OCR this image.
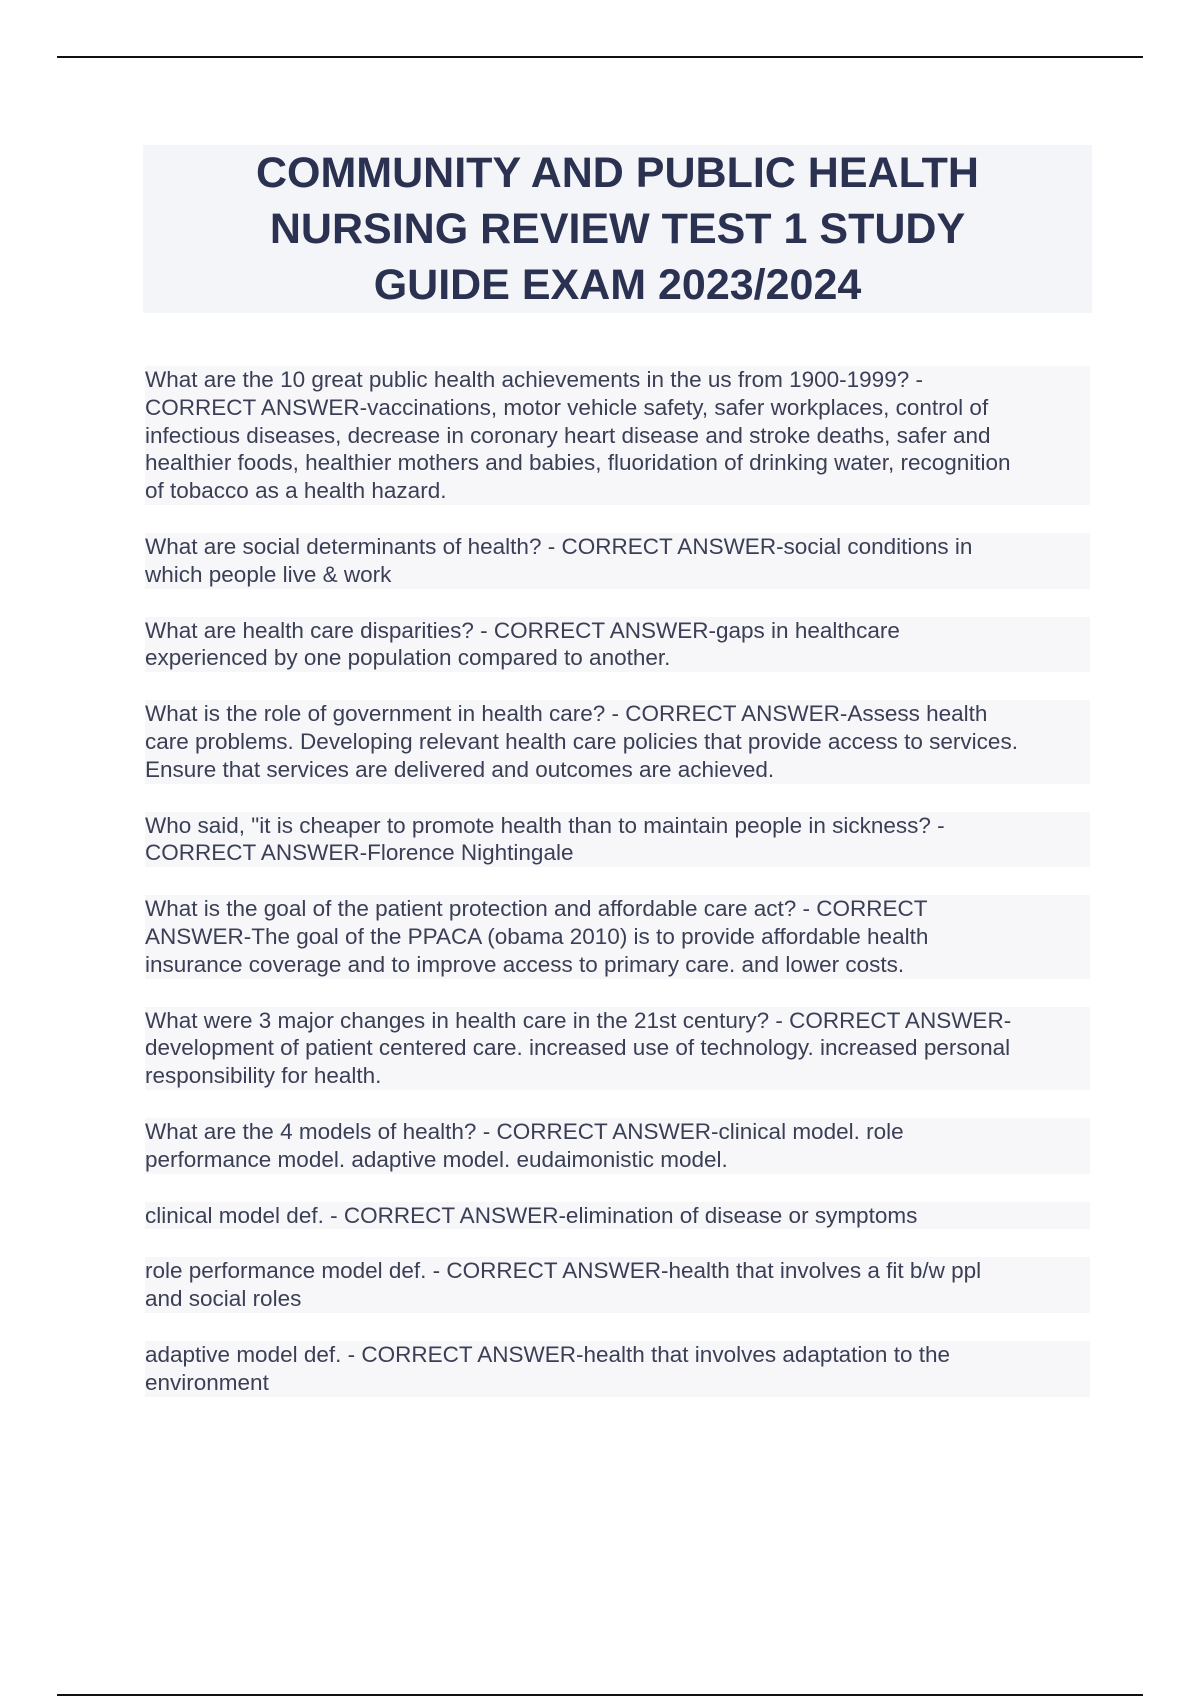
COMMUNITY AND PUBLIC HEALTH
NURSING REVIEW TEST 1 STUDY
GUIDE EXAM 2023/2024
What are the 10 great public health achievements in the us from 1900-1999? -
CORRECT ANSWER-vaccinations, motor vehicle safety, safer workplaces, control of
infectious diseases, decrease in coronary heart disease and stroke deaths, safer and
healthier foods, healthier mothers and babies, fluoridation of drinking water, recognition
of tobacco as a health hazard.
What are social determinants of health? - CORRECT ANSWER-social conditions in
which people live & work
What are health care disparities? - CORRECT ANSWER-gaps in healthcare
experienced by one population compared to another.
What is the role of government in health care? - CORRECT ANSWER-Assess health
care problems. Developing relevant health care policies that provide access to services.
Ensure that services are delivered and outcomes are achieved.
Who said, "it is cheaper to promote health than to maintain people in sickness? -
CORRECT ANSWER-Florence Nightingale
What is the goal of the patient protection and affordable care act? - CORRECT
ANSWER-The goal of the PPACA (obama 2010) is to provide affordable health
insurance coverage and to improve access to primary care. and lower costs.
What were 3 major changes in health care in the 21st century? - CORRECT ANSWER-
development of patient centered care. increased use of technology. increased personal
responsibility for health.
What are the 4 models of health? - CORRECT ANSWER-clinical model. role
performance model. adaptive model. eudaimonistic model.
clinical model def. - CORRECT ANSWER-elimination of disease or symptoms
role performance model def. - CORRECT ANSWER-health that involves a fit b/w ppl
and social roles
adaptive model def. - CORRECT ANSWER-health that involves adaptation to the
environment
